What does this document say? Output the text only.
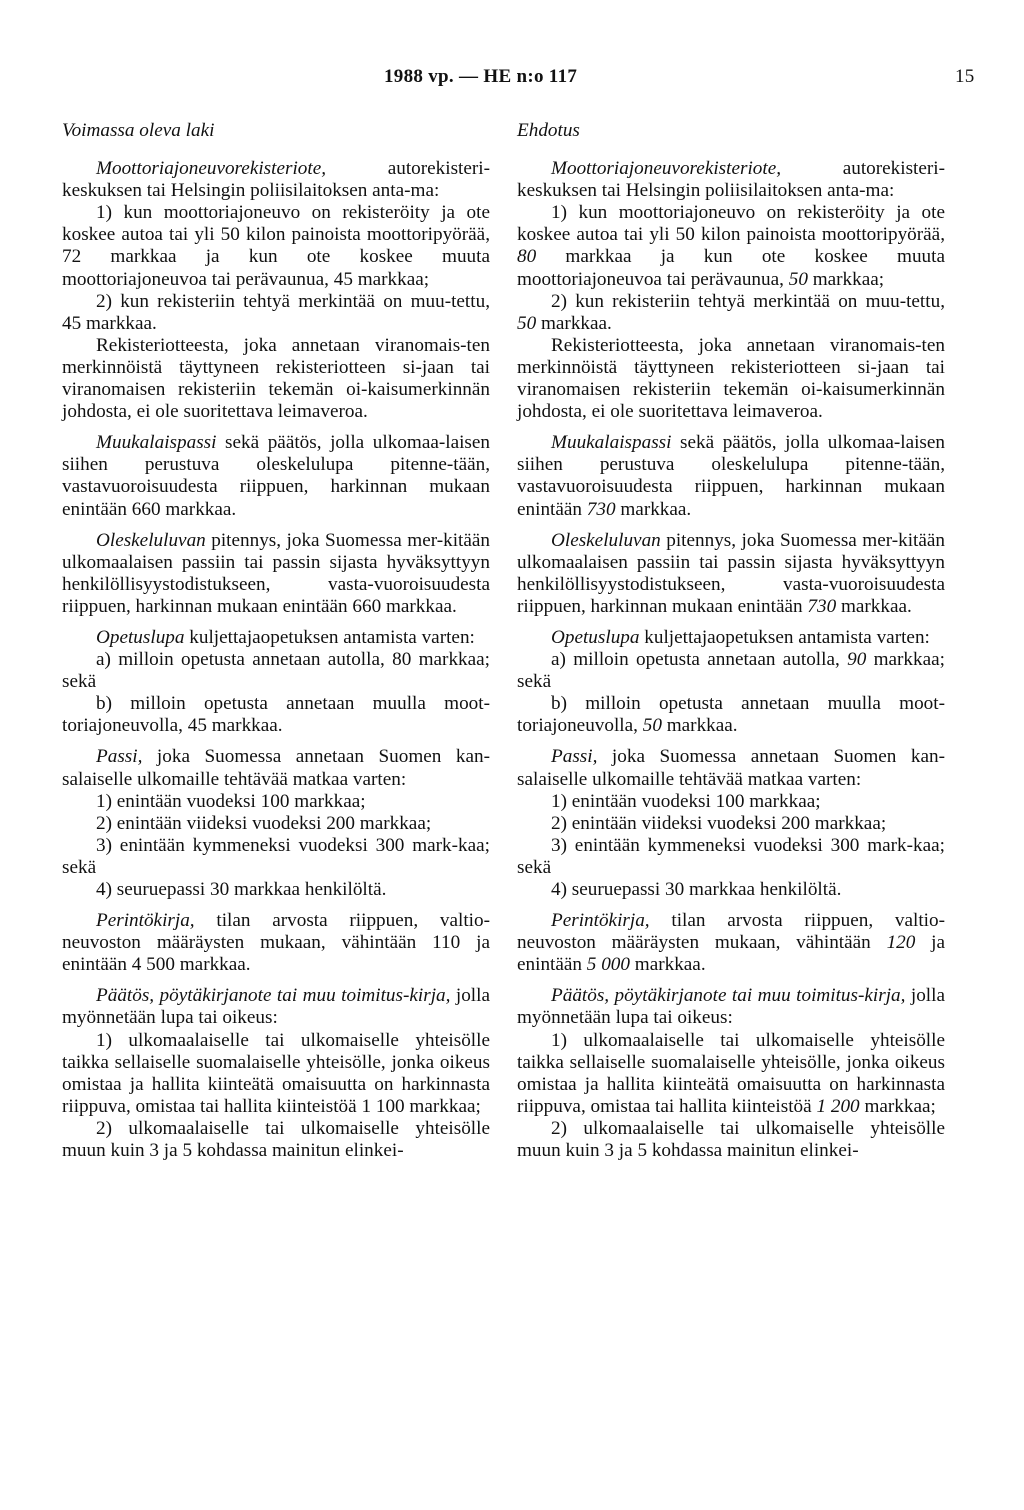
1988 vp. — HE n:o 117	15
Voimassa oleva laki

Moottoriajoneuvorekisteriote, autorekisteri-keskuksen tai Helsingin poliisilaitoksen anta-ma:

1) kun moottoriajoneuvo on rekisteröity ja ote koskee autoa tai yli 50 kilon painoista moottoripyörää, 72 markkaa ja kun ote koskee muuta moottoriajoneuvoa tai perävaunua, 45 markkaa;

2) kun rekisteriin tehtyä merkintää on muu-tettu, 45 markkaa.

Rekisteriotteesta, joka annetaan viranomais-ten merkinnöistä täyttyneen rekisteriotteen si-jaan tai viranomaisen rekisteriin tekemän oi-kaisumerkinnän johdosta, ei ole suoritettava leimaveroa.

Muukalaispassi sekä päätös, jolla ulkomaa-laisen siihen perustuva oleskelulupa pitenne-tään, vastavuoroisuudesta riippuen, harkinnan mukaan enintään 660 markkaa.

Oleskeluluvan pitennys, joka Suomessa mer-kitään ulkomaalaisen passiin tai passin sijasta hyväksyttyyn henkilöllisyystodistukseen, vasta-vuoroisuudesta riippuen, harkinnan mukaan enintään 660 markkaa.

Opetuslupa kuljettajaopetuksen antamista varten:

a) milloin opetusta annetaan autolla, 80 markkaa; sekä

b) milloin opetusta annetaan muulla moot-toriajoneuvolla, 45 markkaa.

Passi, joka Suomessa annetaan Suomen kan-salaiselle ulkomaille tehtävää matkaa varten:

1) enintään vuodeksi 100 markkaa;

2) enintään viideksi vuodeksi 200 markkaa;

3) enintään kymmeneksi vuodeksi 300 mark-kaa; sekä

4) seuruepassi 30 markkaa henkilöltä.

Perintökirja, tilan arvosta riippuen, valtio-neuvoston määräysten mukaan, vähintään 110 ja enintään 4 500 markkaa.

Päätös, pöytäkirjanote tai muu toimitus-kirja, jolla myönnetään lupa tai oikeus:

1) ulkomaalaiselle tai ulkomaiselle yhteisölle taikka sellaiselle suomalaiselle yhteisölle, jonka oikeus omistaa ja hallita kiinteätä omaisuutta on harkinnasta riippuva, omistaa tai hallita kiinteistöä 1 100 markkaa;

2) ulkomaalaiselle tai ulkomaiselle yhteisölle muun kuin 3 ja 5 kohdassa mainitun elinkei-

Ehdotus

Moottoriajoneuvorekisteriote, autorekisteri-keskuksen tai Helsingin poliisilaitoksen anta-ma:

1) kun moottoriajoneuvo on rekisteröity ja ote koskee autoa tai yli 50 kilon painoista moottoripyörää, 80 markkaa ja kun ote koskee muuta moottoriajoneuvoa tai perävaunua, 50 markkaa;

2) kun rekisteriin tehtyä merkintää on muu-tettu, 50 markkaa.

Rekisteriotteesta, joka annetaan viranomais-ten merkinnöistä täyttyneen rekisteriotteen si-jaan tai viranomaisen rekisteriin tekemän oi-kaisumerkinnän johdosta, ei ole suoritettava leimaveroa.

Muukalaispassi sekä päätös, jolla ulkomaa-laisen siihen perustuva oleskelulupa pitenne-tään, vastavuoroisuudesta riippuen, harkinnan mukaan enintään 730 markkaa.

Oleskeluluvan pitennys, joka Suomessa mer-kitään ulkomaalaisen passiin tai passin sijasta hyväksyttyyn henkilöllisyystodistukseen, vasta-vuoroisuudesta riippuen, harkinnan mukaan enintään 730 markkaa.

Opetuslupa kuljettajaopetuksen antamista varten:

a) milloin opetusta annetaan autolla, 90 markkaa; sekä

b) milloin opetusta annetaan muulla moot-toriajoneuvolla, 50 markkaa.

Passi, joka Suomessa annetaan Suomen kan-salaiselle ulkomaille tehtävää matkaa varten:

1) enintään vuodeksi 100 markkaa;

2) enintään viideksi vuodeksi 200 markkaa;

3) enintään kymmeneksi vuodeksi 300 mark-kaa; sekä

4) seuruepassi 30 markkaa henkilöltä.

Perintökirja, tilan arvosta riippuen, valtio-neuvoston määräysten mukaan, vähintään 120 ja enintään 5 000 markkaa.

Päätös, pöytäkirjanote tai muu toimitus-kirja, jolla myönnetään lupa tai oikeus:

1) ulkomaalaiselle tai ulkomaiselle yhteisölle taikka sellaiselle suomalaiselle yhteisölle, jonka oikeus omistaa ja hallita kiinteätä omaisuutta on harkinnasta riippuva, omistaa tai hallita kiinteistöä 1 200 markkaa;

2) ulkomaalaiselle tai ulkomaiselle yhteisölle muun kuin 3 ja 5 kohdassa mainitun elinkei-
